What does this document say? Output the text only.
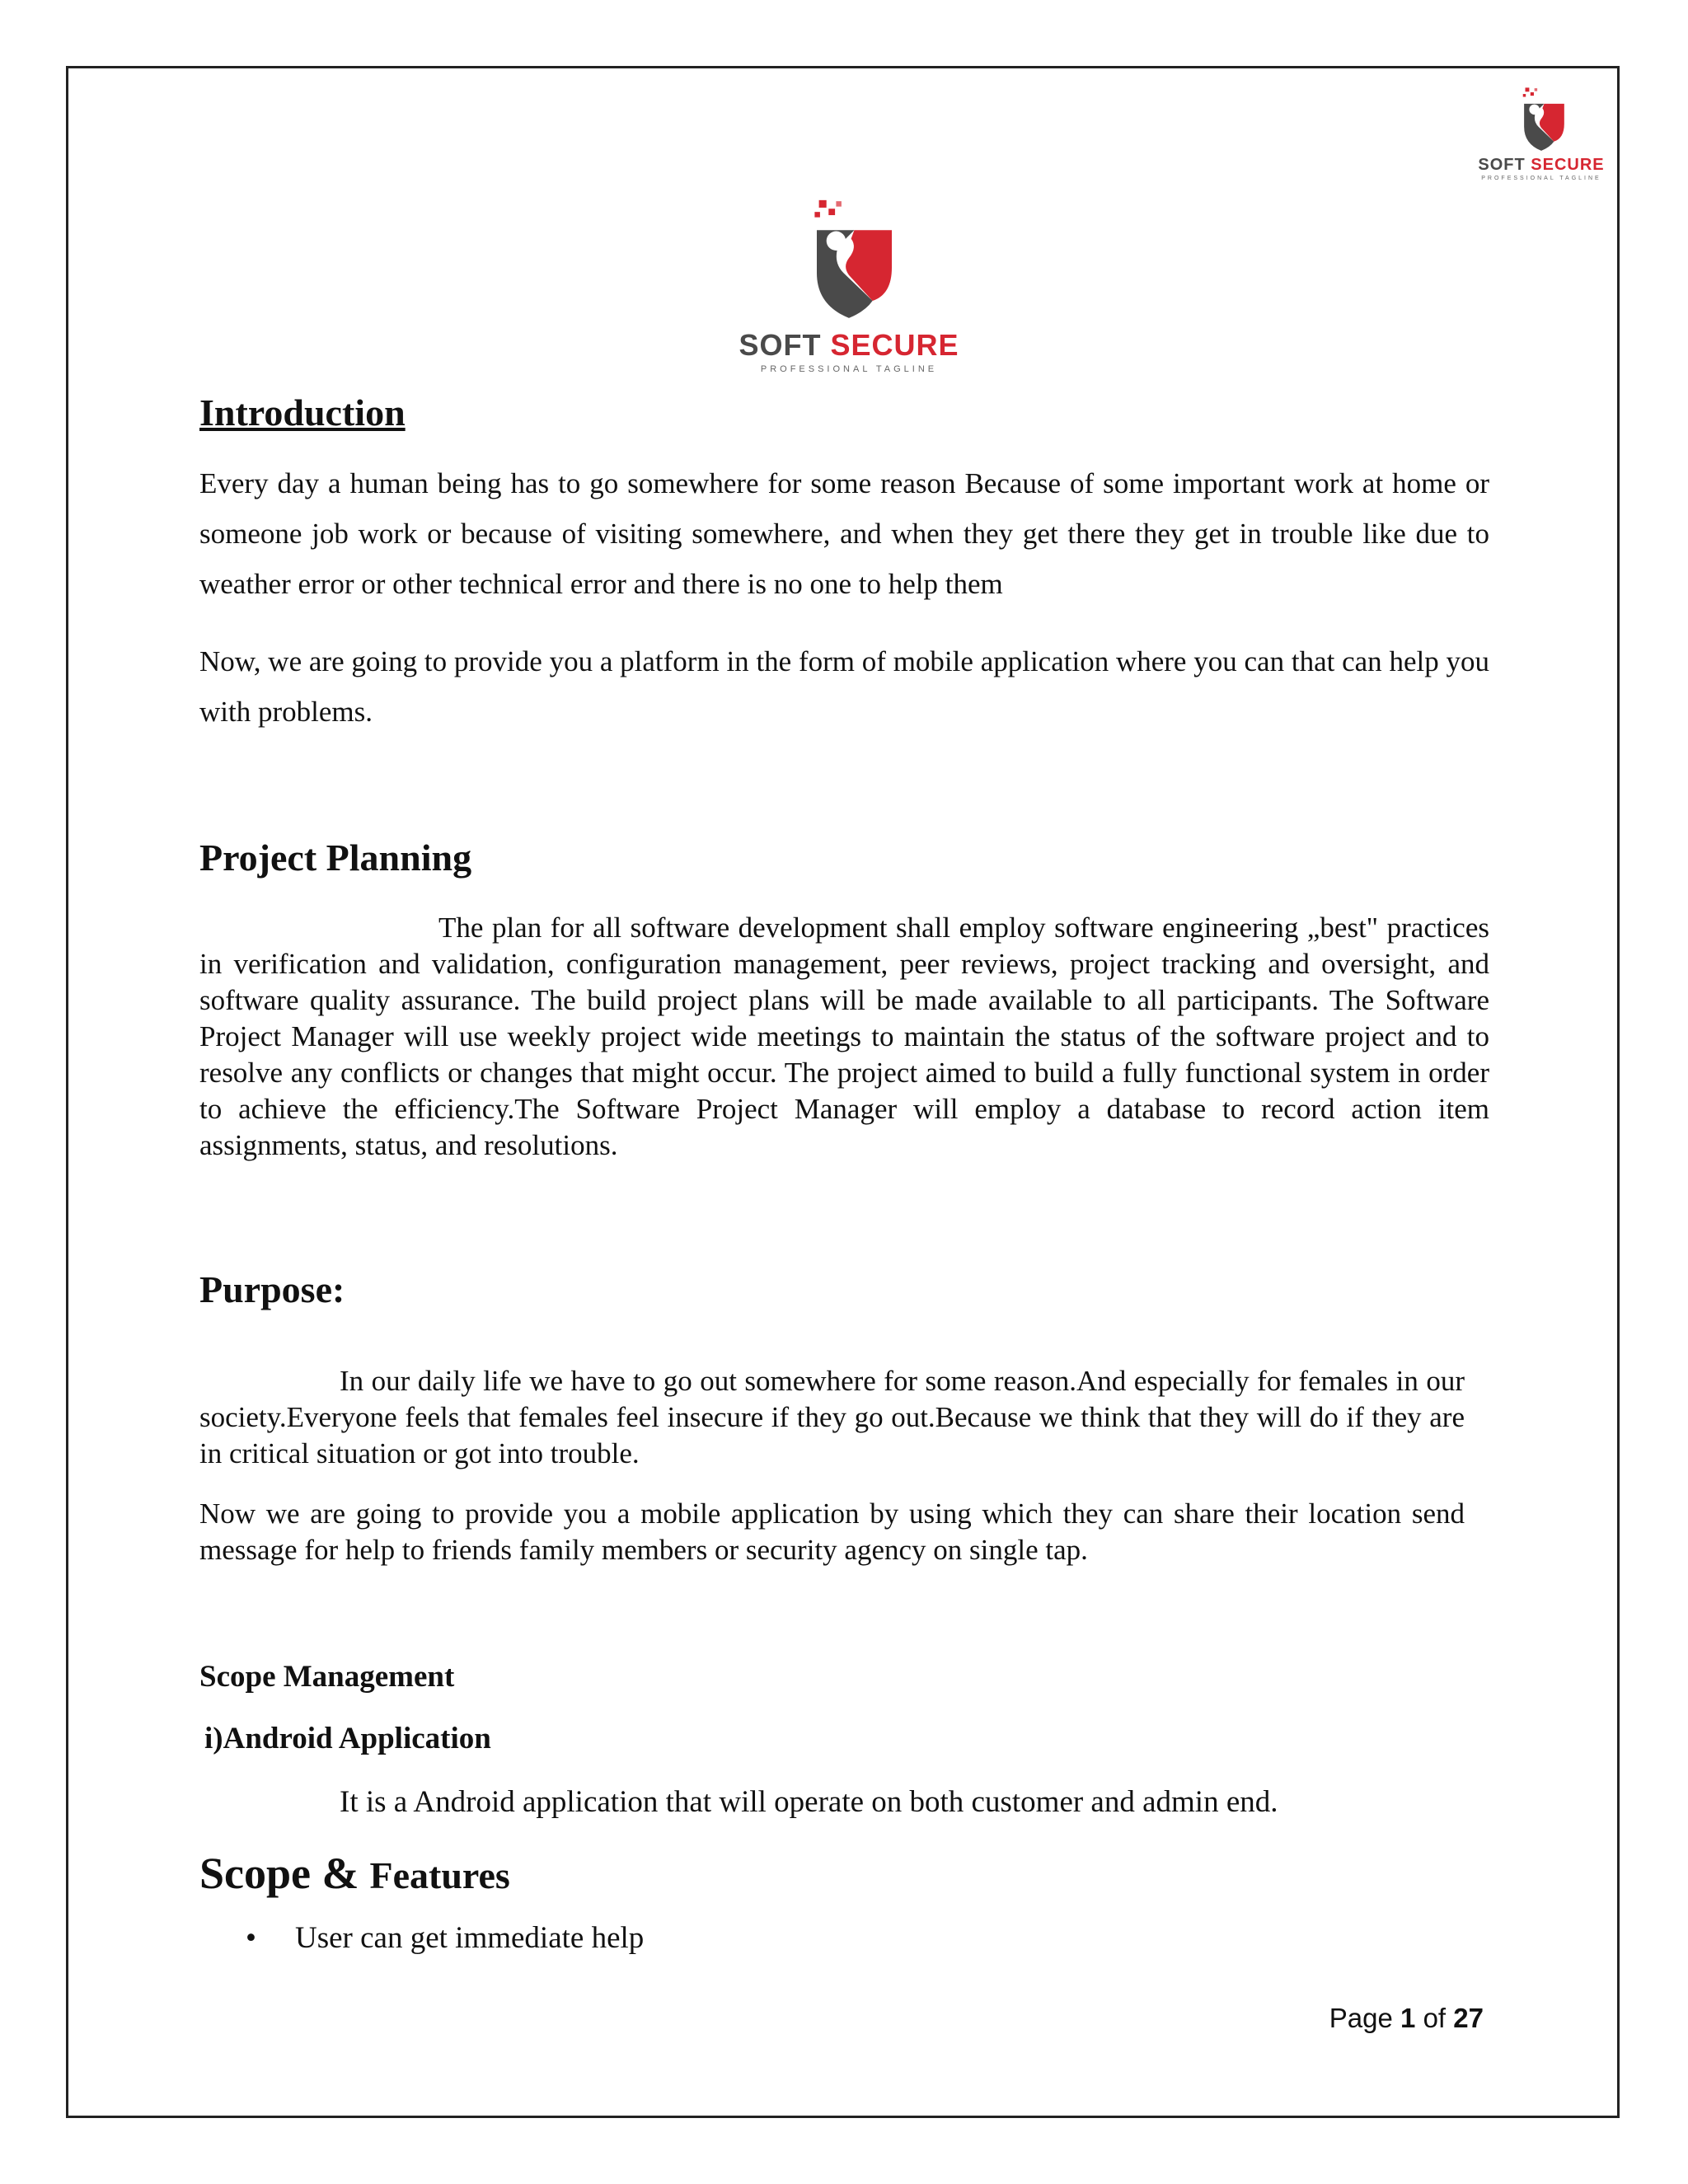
SOFT SECURE
PROFESSIONAL TAGLINE
SOFT SECURE
PROFESSIONAL TAGLINE
Introduction

Every day a human being has to go somewhere for some reason Because of some important work at home or someone job work or because of visiting somewhere, and when they get there they get in trouble like due to weather error or other technical error and there is no one to help them

Now, we are going to provide you a platform in the form of mobile application where you can that can help you with problems.

Project Planning

The plan for all software development shall employ software engineering „best" practices in verification and validation, configuration management, peer reviews, project tracking and oversight, and software quality assurance. The build project plans will be made available to all participants. The Software Project Manager will use weekly project wide meetings to maintain the status of the software project and to resolve any conflicts or changes that might occur. The project aimed to build a fully functional system in order to achieve the efficiency.The Software Project Manager will employ a database to record action item assignments, status, and resolutions.

Purpose:

In our daily life we have to go out somewhere for some reason.And especially for females in our society.Everyone feels that females feel insecure if they go out.Because we think that they will do if they are in critical situation or got into trouble.

Now we are going to provide you a mobile application by using which they can share their location send message for help to friends family members or security agency on single tap.

Scope Management
i)Android Application

It is a Android application that will operate on both customer and admin end.

Scope & Features
•	User can get immediate help
Page 1 of 27
